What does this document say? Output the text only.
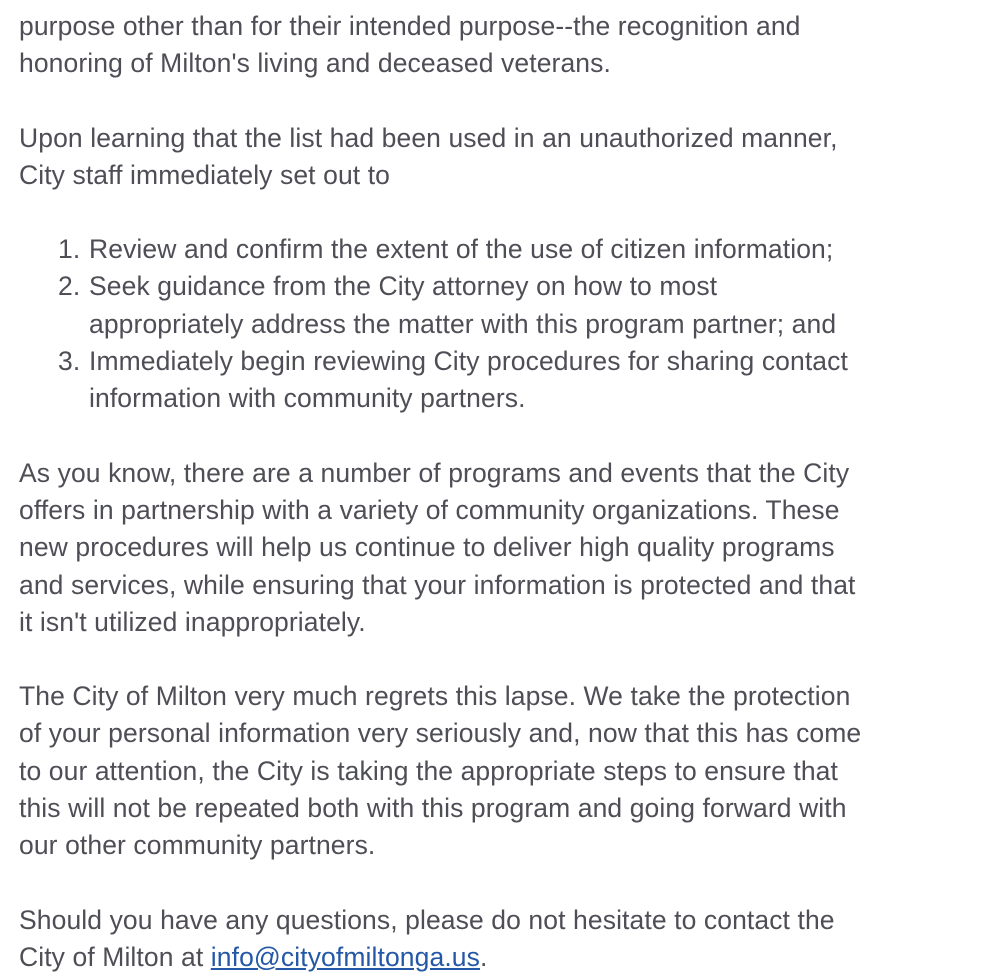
purpose other than for their intended purpose--the recognition and
honoring of Milton's living and deceased veterans.

Upon learning that the list had been used in an unauthorized manner,
City staff immediately set out to

1. Review and confirm the extent of the use of citizen information;
2. Seek guidance from the City attorney on how to most
appropriately address the matter with this program partner; and
3. Immediately begin reviewing City procedures for sharing contact
information with community partners.

As you know, there are a number of programs and events that the City
offers in partnership with a variety of community organizations. These
new procedures will help us continue to deliver high quality programs
and services, while ensuring that your information is protected and that
it isn't utilized inappropriately.

The City of Milton very much regrets this lapse. We take the protection
of your personal information very seriously and, now that this has come
to our attention, the City is taking the appropriate steps to ensure that
this will not be repeated both with this program and going forward with
our other community partners.

Should you have any questions, please do not hesitate to contact the
City of Milton at info@cityofmiltonga.us.
